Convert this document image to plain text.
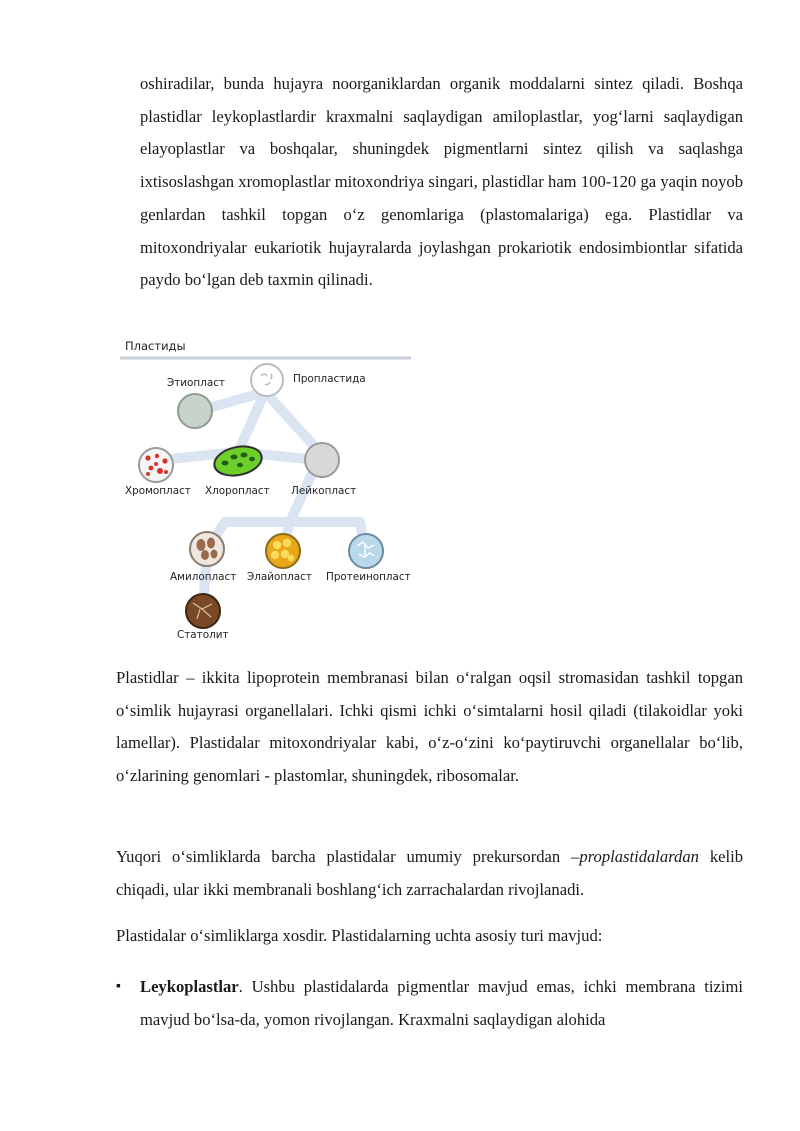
oshiradilar, bunda hujayra noorganiklardan organik moddalarni sintez qiladi. Boshqa plastidlar leykoplastlardir kraxmalni saqlaydigan amiloplastlar, yog‘larni saqlaydigan elayoplastlar va boshqalar, shuningdek pigmentlarni sintez qilish va saqlashga ixtisoslashgan xromoplastlar mitoxondriya singari, plastidlar ham 100-120 ga yaqin noyob genlardan tashkil topgan o‘z genomlariga (plastomalariga) ega. Plastidlar va mitoxondriyalar eukariotik hujayralarda joylashgan prokariotik endosimbiontlar sifatida paydo bo‘lgan deb taxmin qilinadi.

Пластиды
Пропластида
Этиопласт
Хромопласт Хлоропласт Лейкопласт
Амилопласт Элайопласт Протеинопласт
Статолит

Plastidlar – ikkita lipoprotein membranasi bilan o‘ralgan oqsil stromasidan tashkil topgan o‘simlik hujayrasi organellalari. Ichki qismi ichki o‘simtalarni hosil qiladi (tilakoidlar yoki lamellar). Plastidalar mitoxondriyalar kabi, o‘z-o‘zini ko‘paytiruvchi organellalar bo‘lib, o‘zlarining genomlari - plastomlar, shuningdek, ribosomalar.

Yuqori o‘simliklarda barcha plastidalar umumiy prekursordan –proplastidalardan kelib chiqadi, ular ikki membranali boshlang‘ich zarrachalardan rivojlanadi.

Plastidalar o‘simliklarga xosdir. Plastidalarning uchta asosiy turi mavjud:

▪ Leykoplastlar. Ushbu plastidalarda pigmentlar mavjud emas, ichki membrana tizimi mavjud bo‘lsa-da, yomon rivojlangan. Kraxmalni saqlaydigan alohida
